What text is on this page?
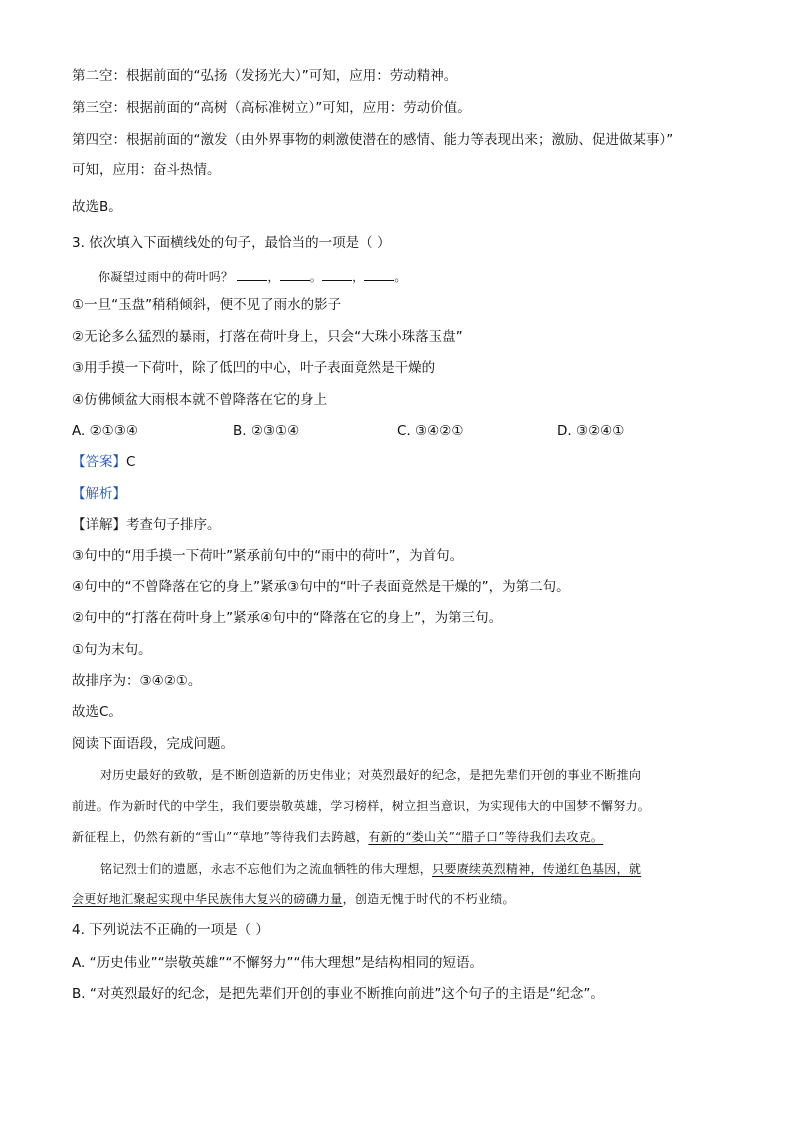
第二空：根据前面的“弘扬（发扬光大）”可知，应用：劳动精神。
第三空：根据前面的“高树（高标准树立）”可知，应用：劳动价值。
第四空：根据前面的“激发（由外界事物的刺激使潜在的感情、能力等表现出来；激励、促进做某事）”
可知，应用：奋斗热情。
故选B。
3. 依次填入下面横线处的句子，最恰当的一项是（ ）
你凝望过雨中的荷叶吗？	，	。	，	。
①一旦“玉盘”稍稍倾斜，便不见了雨水的影子
②无论多么猛烈的暴雨，打落在荷叶身上，只会“大珠小珠落玉盘”
③用手摸一下荷叶，除了低凹的中心，叶子表面竟然是干燥的
④仿佛倾盆大雨根本就不曾降落在它的身上
A. ②①③④	B. ②③①④	C. ③④②①	D. ③②④①
【答案】C
【解析】
【详解】考查句子排序。
③句中的“用手摸一下荷叶”紧承前句中的“雨中的荷叶”，为首句。
④句中的“不曾降落在它的身上”紧承③句中的“叶子表面竟然是干燥的”，为第二句。
②句中的“打落在荷叶身上”紧承④句中的“降落在它的身上”，为第三句。
①句为末句。
故排序为：③④②①。
故选C。
阅读下面语段，完成问题。
对历史最好的致敬，是不断创造新的历史伟业；对英烈最好的纪念，是把先辈们开创的事业不断推向
前进。作为新时代的中学生，我们要崇敬英雄，学习榜样，树立担当意识，为实现伟大的中国梦不懈努力。
新征程上，仍然有新的“雪山”“草地”等待我们去跨越，有新的“娄山关”“腊子口”等待我们去攻克。
铭记烈士们的遗愿，永志不忘他们为之流血牺牲的伟大理想，只要赓续英烈精神，传递红色基因，就
会更好地汇聚起实现中华民族伟大复兴的磅礴力量，创造无愧于时代的不朽业绩。
4. 下列说法不正确的一项是（ ）
A. “历史伟业”“崇敬英雄”“不懈努力”“伟大理想”是结构相同的短语。
B. “对英烈最好的纪念，是把先辈们开创的事业不断推向前进”这个句子的主语是“纪念”。
